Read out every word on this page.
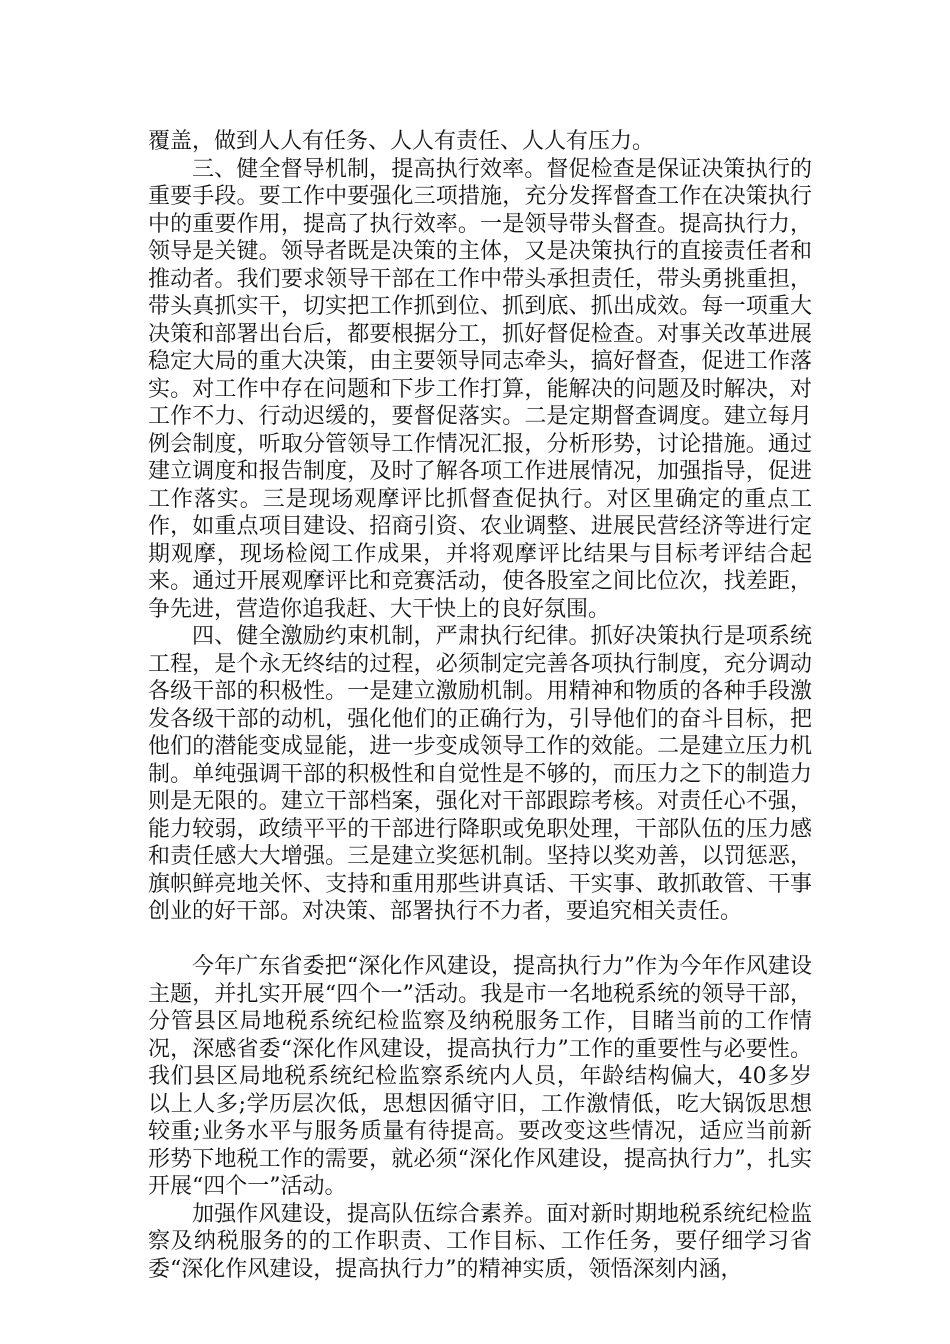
覆盖，做到人人有任务、人人有责任、人人有压力。

三、健全督导机制，提高执行效率。督促检查是保证决策执行的重要手段。要工作中要强化三项措施，充分发挥督查工作在决策执行中的重要作用，提高了执行效率。一是领导带头督查。提高执行力，领导是关键。领导者既是决策的主体，又是决策执行的直接责任者和推动者。我们要求领导干部在工作中带头承担责任，带头勇挑重担，带头真抓实干，切实把工作抓到位、抓到底、抓出成效。每一项重大决策和部署出台后，都要根据分工，抓好督促检查。对事关改革进展稳定大局的重大决策，由主要领导同志牵头，搞好督查，促进工作落实。对工作中存在问题和下步工作打算，能解决的问题及时解决，对工作不力、行动迟缓的，要督促落实。二是定期督查调度。建立每月例会制度，听取分管领导工作情况汇报，分析形势，讨论措施。通过建立调度和报告制度，及时了解各项工作进展情况，加强指导，促进工作落实。三是现场观摩评比抓督查促执行。对区里确定的重点工作，如重点项目建设、招商引资、农业调整、进展民营经济等进行定期观摩，现场检阅工作成果，并将观摩评比结果与目标考评结合起来。通过开展观摩评比和竞赛活动，使各股室之间比位次，找差距，争先进，营造你追我赶、大干快上的良好氛围。

四、健全激励约束机制，严肃执行纪律。抓好决策执行是项系统工程，是个永无终结的过程，必须制定完善各项执行制度，充分调动各级干部的积极性。一是建立激励机制。用精神和物质的各种手段激发各级干部的动机，强化他们的正确行为，引导他们的奋斗目标，把他们的潜能变成显能，进一步变成领导工作的效能。二是建立压力机制。单纯强调干部的积极性和自觉性是不够的，而压力之下的制造力则是无限的。建立干部档案，强化对干部跟踪考核。对责任心不强，能力较弱，政绩平平的干部进行降职或免职处理，干部队伍的压力感和责任感大大增强。三是建立奖惩机制。坚持以奖劝善，以罚惩恶，旗帜鲜亮地关怀、支持和重用那些讲真话、干实事、敢抓敢管、干事创业的好干部。对决策、部署执行不力者，要追究相关责任。

今年广东省委把“深化作风建设，提高执行力”作为今年作风建设主题，并扎实开展“四个一”活动。我是市一名地税系统的领导干部，分管县区局地税系统纪检监察及纳税服务工作，目睹当前的工作情况，深感省委“深化作风建设，提高执行力”工作的重要性与必要性。我们县区局地税系统纪检监察系统内人员，年龄结构偏大，40多岁以上人多;学历层次低，思想因循守旧，工作激情低，吃大锅饭思想较重;业务水平与服务质量有待提高。要改变这些情况，适应当前新形势下地税工作的需要，就必须“深化作风建设，提高执行力”，扎实开展“四个一”活动。

加强作风建设，提高队伍综合素养。面对新时期地税系统纪检监察及纳税服务的的工作职责、工作目标、工作任务，要仔细学习省委“深化作风建设，提高执行力”的精神实质，领悟深刻内涵，
